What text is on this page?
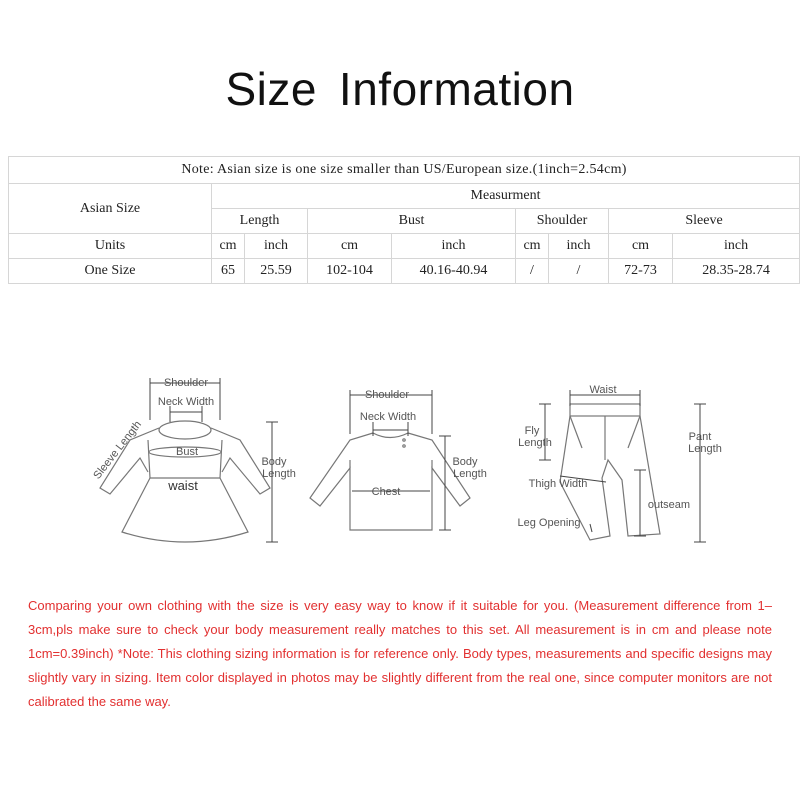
Size Information
Note: Asian size is one size smaller than US/European size.(1inch=2.54cm)								
Asian Size	Measurment							
	Length		Bust		Shoulder		Sleeve	
Units	cm	inch	cm	inch	cm	inch	cm	inch
One Size	65	25.59	102-104	40.16-40.94	/	/	72-73	28.35-28.74
Shoulder
Neck Width
Sleeve Length	Bust
waist
Body
Length
Shoulder
Neck Width
Chest
Body
Length
Waist
Fly
Length	Pant
Length
Thigh Width
outseam
Leg Opening
Comparing your own clothing with the size is very easy way to know if it suitable for you. (Measurement difference from 1– 3cm,pls make sure to check your body measurement really matches to this set. All measurement is in cm and please note 1cm=0.39inch) *Note: This clothing sizing information is for reference only. Body types, measurements and specific designs may slightly vary in sizing. Item color displayed in photos may be slightly different from the real one, since computer monitors are not calibrated the same way.
